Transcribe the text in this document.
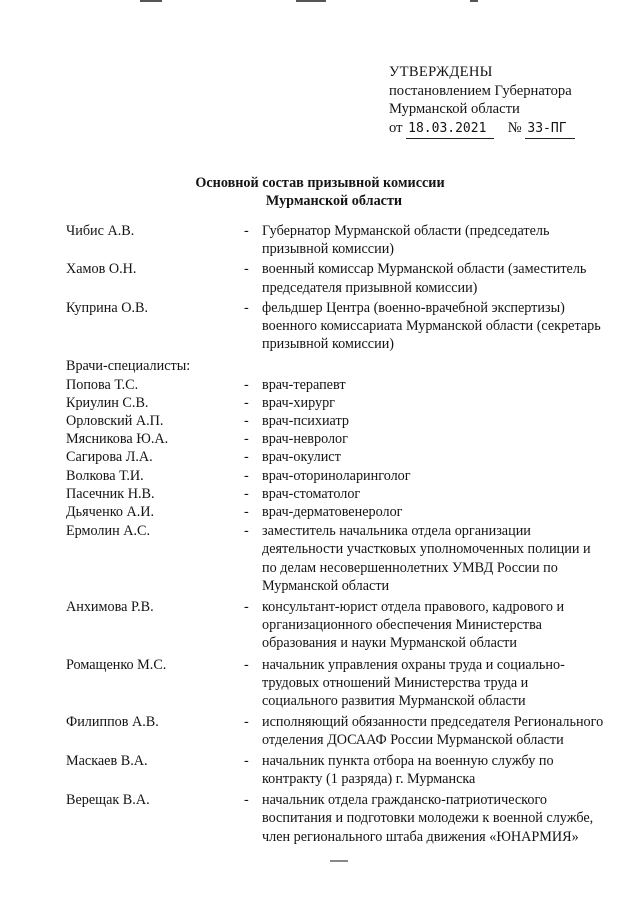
УТВЕРЖДЕНЫ
постановлением Губернатора
Мурманской области
от 18.03.2021 № 33-ПГ
Основной состав призывной комиссии
Мурманской области
Чибис А.В.	- Губернатор Мурманской области (председатель призывной комиссии)
Хамов О.Н.	- военный комиссар Мурманской области (заместитель председателя призывной комиссии)
Куприна О.В.	- фельдшер Центра (военно-врачебной экспертизы) военного комиссариата Мурманской области (секретарь призывной комиссии)
Врачи-специалисты:
Попова Т.С.	- врач-терапевт
Криулин С.В.	- врач-хирург
Орловский А.П.	- врач-психиатр
Мясникова Ю.А.	- врач-невролог
Сагирова Л.А.	- врач-окулист
Волкова Т.И.	- врач-оториноларинголог
Пасечник Н.В.	- врач-стоматолог
Дьяченко А.И.	- врач-дерматовенеролог
Ермолин А.С.	- заместитель начальника отдела организации деятельности участковых уполномоченных полиции и по делам несовершеннолетних УМВД России по Мурманской области
Анхимова Р.В.	- консультант-юрист отдела правового, кадрового и организационного обеспечения Министерства образования и науки Мурманской области
Ромащенко М.С.	- начальник управления охраны труда и социально-трудовых отношений Министерства труда и социального развития Мурманской области
Филиппов А.В.	- исполняющий обязанности председателя Регионального отделения ДОСААФ России Мурманской области
Маскаев В.А.	- начальник пункта отбора на военную службу по контракту (1 разряда) г. Мурманска
Верещак В.А.	- начальник отдела гражданско-патриотического воспитания и подготовки молодежи к военной службе, член регионального штаба движения «ЮНАРМИЯ»
